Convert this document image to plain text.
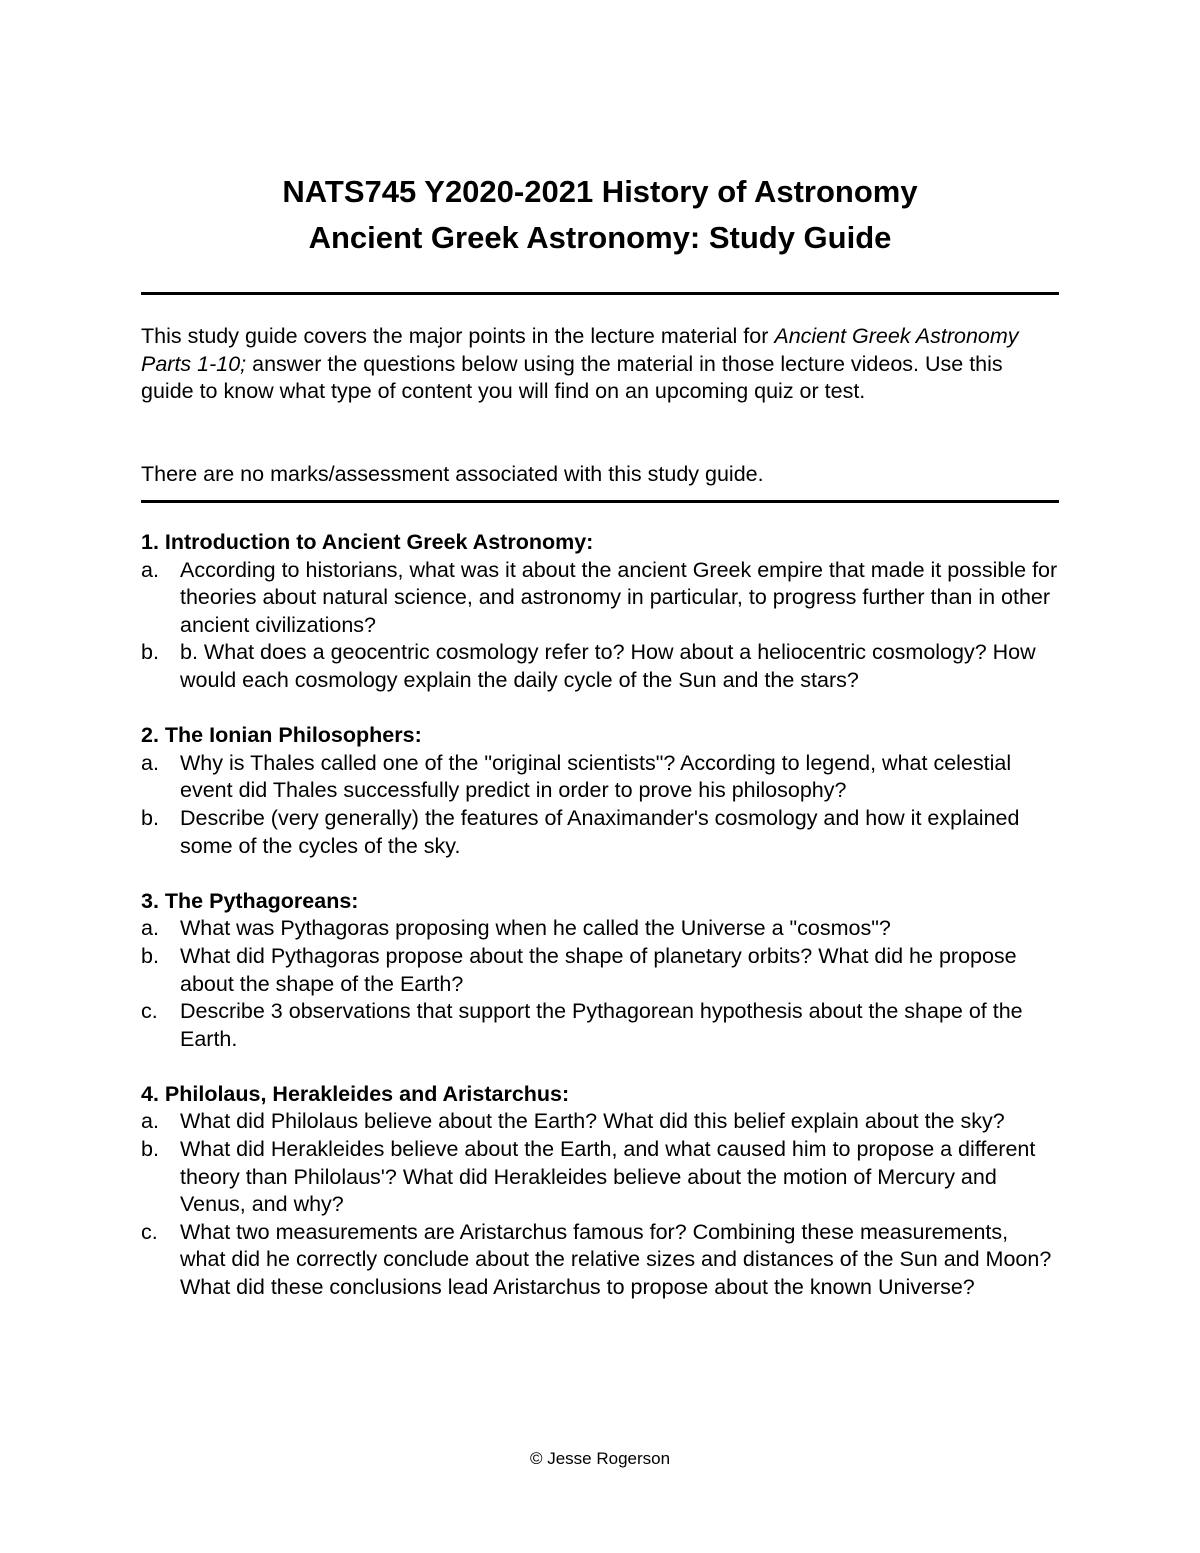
NATS745 Y2020-2021 History of Astronomy
Ancient Greek Astronomy: Study Guide

This study guide covers the major points in the lecture material for Ancient Greek Astronomy Parts 1-10; answer the questions below using the material in those lecture videos. Use this guide to know what type of content you will find on an upcoming quiz or test.

There are no marks/assessment associated with this study guide.

1. Introduction to Ancient Greek Astronomy:

a. According to historians, what was it about the ancient Greek empire that made it possible for theories about natural science, and astronomy in particular, to progress further than in other ancient civilizations?
b. b. What does a geocentric cosmology refer to? How about a heliocentric cosmology? How would each cosmology explain the daily cycle of the Sun and the stars?

2. The Ionian Philosophers:

a. Why is Thales called one of the "original scientists"? According to legend, what celestial event did Thales successfully predict in order to prove his philosophy?
b. Describe (very generally) the features of Anaximander's cosmology and how it explained some of the cycles of the sky.

3. The Pythagoreans:

a. What was Pythagoras proposing when he called the Universe a "cosmos"?
b. What did Pythagoras propose about the shape of planetary orbits? What did he propose about the shape of the Earth?
c.	Describe 3 observations that support the Pythagorean hypothesis about the shape of the Earth.

4. Philolaus, Herakleides and Aristarchus:

a. What did Philolaus believe about the Earth? What did this belief explain about the sky?
b. What did Herakleides believe about the Earth, and what caused him to propose a different theory than Philolaus'? What did Herakleides believe about the motion of Mercury and Venus, and why?
c.	What two measurements are Aristarchus famous for? Combining these measurements, what did he correctly conclude about the relative sizes and distances of the Sun and Moon? What did these conclusions lead Aristarchus to propose about the known Universe?

© Jesse Rogerson
